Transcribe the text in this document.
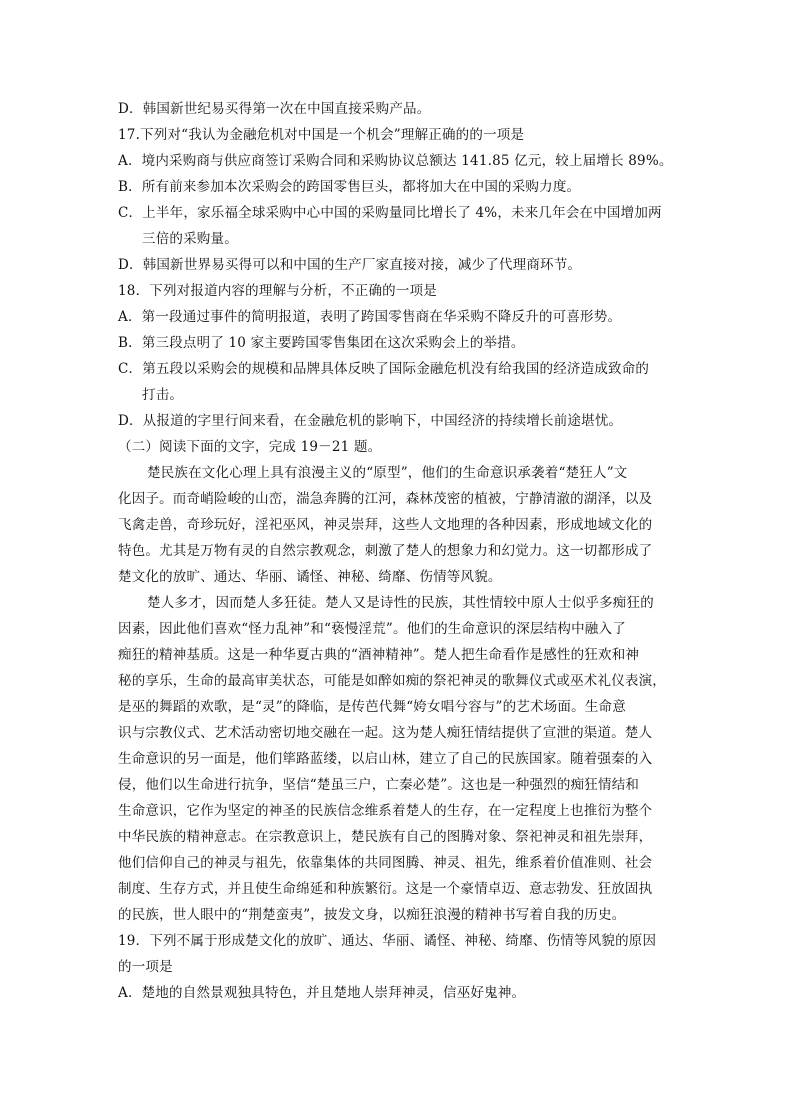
D．韩国新世纪易买得第一次在中国直接采购产品。
17.下列对“我认为金融危机对中国是一个机会”理解正确的的一项是
A．境内采购商与供应商签订采购合同和采购协议总额达 141.85 亿元，较上届增长 89%。
B．所有前来参加本次采购会的跨国零售巨头，都将加大在中国的采购力度。
C．上半年，家乐福全球采购中心中国的采购量同比增长了 4%，未来几年会在中国增加两
三倍的采购量。
D．韩国新世界易买得可以和中国的生产厂家直接对接，减少了代理商环节。
18．下列对报道内容的理解与分析，不正确的一项是
A．第一段通过事件的简明报道，表明了跨国零售商在华采购不降反升的可喜形势。
B．第三段点明了 10 家主要跨国零售集团在这次采购会上的举措。
C．第五段以采购会的规模和品牌具体反映了国际金融危机没有给我国的经济造成致命的
打击。
D．从报道的字里行间来看，在金融危机的影响下，中国经济的持续增长前途堪忧。
（二）阅读下面的文字，完成 19－21 题。
楚民族在文化心理上具有浪漫主义的“原型”，他们的生命意识承袭着“楚狂人”文
化因子。而奇峭险峻的山峦，湍急奔腾的江河，森林茂密的植被，宁静清澈的湖泽，以及
飞禽走兽，奇珍玩好，淫祀巫风，神灵崇拜，这些人文地理的各种因素，形成地域文化的
特色。尤其是万物有灵的自然宗教观念，刺激了楚人的想象力和幻觉力。这一切都形成了
楚文化的放旷、通达、华丽、谲怪、神秘、绮靡、伤情等风貌。
楚人多才，因而楚人多狂徒。楚人又是诗性的民族，其性情较中原人士似乎多痴狂的
因素，因此他们喜欢“怪力乱神”和“亵慢淫荒”。他们的生命意识的深层结构中融入了
痴狂的精神基质。这是一种华夏古典的“酒神精神”。楚人把生命看作是感性的狂欢和神
秘的享乐，生命的最高审美状态，可能是如醉如痴的祭祀神灵的歌舞仪式或巫术礼仪表演，
是巫的舞蹈的欢歌，是“灵”的降临，是传芭代舞“姱女唱兮容与”的艺术场面。生命意
识与宗教仪式、艺术活动密切地交融在一起。这为楚人痴狂情结提供了宣泄的渠道。楚人
生命意识的另一面是，他们筚路蓝缕，以启山林，建立了自己的民族国家。随着强秦的入
侵，他们以生命进行抗争，坚信“楚虽三户，亡秦必楚”。这也是一种强烈的痴狂情结和
生命意识，它作为坚定的神圣的民族信念维系着楚人的生存，在一定程度上也推衍为整个
中华民族的精神意志。在宗教意识上，楚民族有自己的图腾对象、祭祀神灵和祖先崇拜，
他们信仰自己的神灵与祖先，依靠集体的共同图腾、神灵、祖先，维系着价值准则、社会
制度、生存方式，并且使生命绵延和种族繁衍。这是一个豪情卓迈、意志勃发、狂放固执
的民族，世人眼中的“荆楚蛮夷”，披发文身，以痴狂浪漫的精神书写着自我的历史。
19．下列不属于形成楚文化的放旷、通达、华丽、谲怪、神秘、绮靡、伤情等风貌的原因
的一项是
A．楚地的自然景观独具特色，并且楚地人崇拜神灵，信巫好鬼神。
